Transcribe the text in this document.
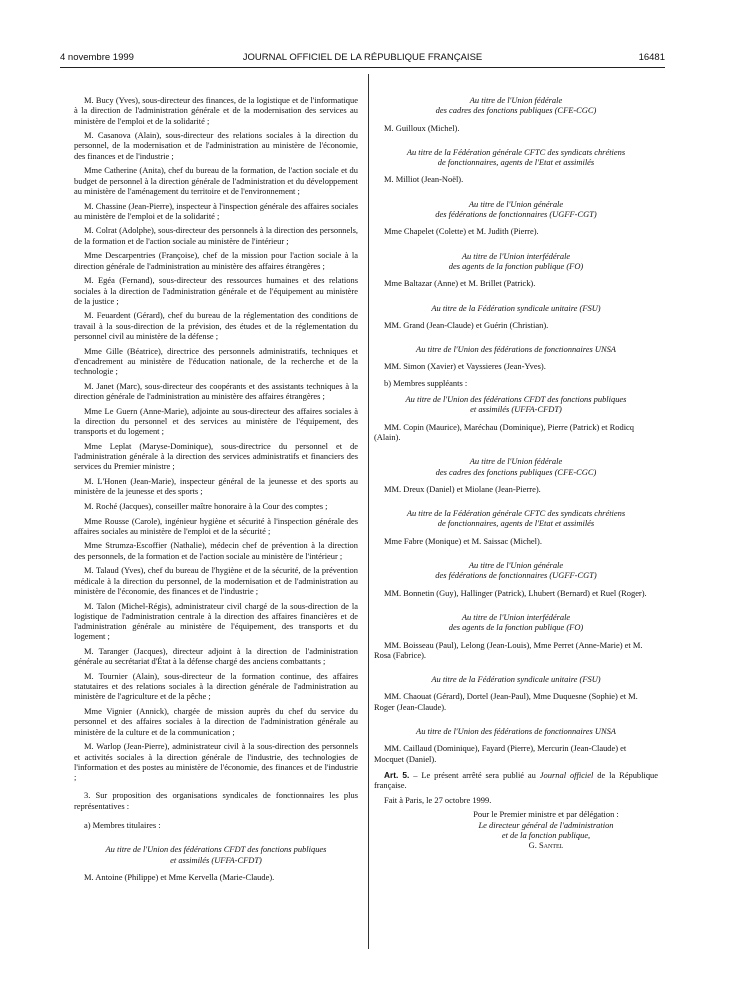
4 novembre 1999	JOURNAL OFFICIEL DE LA RÉPUBLIQUE FRANÇAISE	16481

M. Bucy (Yves), sous-directeur des finances, de la logistique et de l'informatique à la direction de l'administration générale et de la modernisation des services au ministère de l'emploi et de la solidarité ;

M. Casanova (Alain), sous-directeur des relations sociales à la direction du personnel, de la modernisation et de l'administration au ministère de l'économie, des finances et de l'industrie ;

Mme Catherine (Anita), chef du bureau de la formation, de l'action sociale et du budget de personnel à la direction générale de l'administration et du développement au ministère de l'aménagement du territoire et de l'environnement ;

M. Chassine (Jean-Pierre), inspecteur à l'inspection générale des affaires sociales au ministère de l'emploi et de la solidarité ;

M. Colrat (Adolphe), sous-directeur des personnels à la direction des personnels, de la formation et de l'action sociale au ministère de l'intérieur ;

Mme Descarpentries (Françoise), chef de la mission pour l'action sociale à la direction générale de l'administration au ministère des affaires étrangères ;

M. Egéa (Fernand), sous-directeur des ressources humaines et des relations sociales à la direction de l'administration générale et de l'équipement au ministère de la justice ;

M. Feuardent (Gérard), chef du bureau de la réglementation des conditions de travail à la sous-direction de la prévision, des études et de la réglementation du personnel civil au ministère de la défense ;

Mme Gille (Béatrice), directrice des personnels administratifs, techniques et d'encadrement au ministère de l'éducation nationale, de la recherche et de la technologie ;

M. Janet (Marc), sous-directeur des coopérants et des assistants techniques à la direction générale de l'administration au ministère des affaires étrangères ;

Mme Le Guern (Anne-Marie), adjointe au sous-directeur des affaires sociales à la direction du personnel et des services au ministère de l'équipement, des transports et du logement ;

Mme Leplat (Maryse-Dominique), sous-directrice du personnel et de l'administration générale à la direction des services administratifs et financiers des services du Premier ministre ;

M. L'Honen (Jean-Marie), inspecteur général de la jeunesse et des sports au ministère de la jeunesse et des sports ;

M. Roché (Jacques), conseiller maître honoraire à la Cour des comptes ;

Mme Rousse (Carole), ingénieur hygiène et sécurité à l'inspection générale des affaires sociales au ministère de l'emploi et de la sécurité ;

Mme Strumza-Escoffier (Nathalie), médecin chef de prévention à la direction des personnels, de la formation et de l'action sociale au ministère de l'intérieur ;

M. Talaud (Yves), chef du bureau de l'hygiène et de la sécurité, de la prévention médicale à la direction du personnel, de la modernisation et de l'administration au ministère de l'économie, des finances et de l'industrie ;

M. Talon (Michel-Régis), administrateur civil chargé de la sous-direction de la logistique de l'administration centrale à la direction des affaires financières et de l'administration générale au ministère de l'équipement, des transports et du logement ;

M. Taranger (Jacques), directeur adjoint à la direction de l'administration générale au secrétariat d'État à la défense chargé des anciens combattants ;

M. Tournier (Alain), sous-directeur de la formation continue, des affaires statutaires et des relations sociales à la direction générale de l'administration au ministère de l'agriculture et de la pêche ;

Mme Vignier (Annick), chargée de mission auprès du chef du service du personnel et des affaires sociales à la direction de l'administration générale au ministère de la culture et de la communication ;

M. Warlop (Jean-Pierre), administrateur civil à la sous-direction des personnels et activités sociales à la direction générale de l'industrie, des technologies de l'information et des postes au ministère de l'économie, des finances et de l'industrie ;

3. Sur proposition des organisations syndicales de fonctionnaires les plus représentatives :

a) Membres titulaires :

Au titre de l'Union des fédérations CFDT des fonctions publiques
et assimilés (UFFA-CFDT)

M. Antoine (Philippe) et Mme Kervella (Marie-Claude).

Au titre de l'Union fédérale
des cadres des fonctions publiques (CFE-CGC)

M. Guilloux (Michel).

Au titre de la Fédération générale CFTC des syndicats chrétiens
de fonctionnaires, agents de l'Etat et assimilés

M. Milliot (Jean-Noël).

Au titre de l'Union générale
des fédérations de fonctionnaires (UGFF-CGT)

Mme Chapelet (Colette) et M. Judith (Pierre).

Au titre de l'Union interfédérale
des agents de la fonction publique (FO)

Mme Baltazar (Anne) et M. Brillet (Patrick).

Au titre de la Fédération syndicale unitaire (FSU)

MM. Grand (Jean-Claude) et Guérin (Christian).

Au titre de l'Union des fédérations de fonctionnaires UNSA

MM. Simon (Xavier) et Vayssieres (Jean-Yves).

b) Membres suppléants :

Au titre de l'Union des fédérations CFDT des fonctions publiques
et assimilés (UFFA-CFDT)

MM. Copin (Maurice), Maréchau (Dominique), Pierre (Patrick) et Rodicq (Alain).

Au titre de l'Union fédérale
des cadres des fonctions publiques (CFE-CGC)

MM. Dreux (Daniel) et Miolane (Jean-Pierre).

Au titre de la Fédération générale CFTC des syndicats chrétiens
de fonctionnaires, agents de l'Etat et assimilés

Mme Fabre (Monique) et M. Saissac (Michel).

Au titre de l'Union générale
des fédérations de fonctionnaires (UGFF-CGT)

MM. Bonnetin (Guy), Hallinger (Patrick), Lhubert (Bernard) et Ruel (Roger).

Au titre de l'Union interfédérale
des agents de la fonction publique (FO)

MM. Boisseau (Paul), Lelong (Jean-Louis), Mme Perret (Anne-Marie) et M. Rosa (Fabrice).

Au titre de la Fédération syndicale unitaire (FSU)

MM. Chaouat (Gérard), Dortel (Jean-Paul), Mme Duquesne (Sophie) et M. Roger (Jean-Claude).

Au titre de l'Union des fédérations de fonctionnaires UNSA

MM. Caillaud (Dominique), Fayard (Pierre), Mercurin (Jean-Claude) et Mocquet (Daniel).

Art. 5. – Le présent arrêté sera publié au Journal officiel de la République française.

Fait à Paris, le 27 octobre 1999.

Pour le Premier ministre et par délégation :
Le directeur général de l'administration
et de la fonction publique,
G. Santel
